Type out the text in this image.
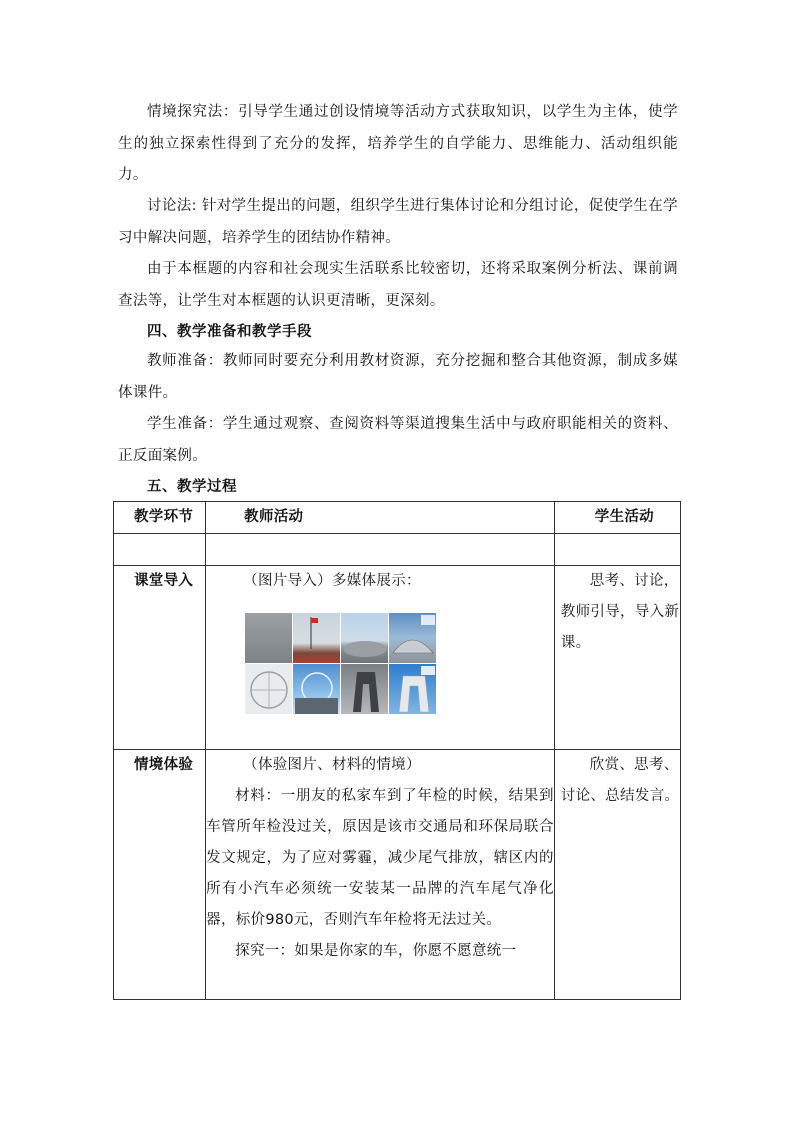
情境探究法：引导学生通过创设情境等活动方式获取知识，以学生为主体，使学生的独立探索性得到了充分的发挥，培养学生的自学能力、思维能力、活动组织能力。

讨论法: 针对学生提出的问题，组织学生进行集体讨论和分组讨论，促使学生在学习中解决问题，培养学生的团结协作精神。

由于本框题的内容和社会现实生活联系比较密切，还将采取案例分析法、课前调查法等，让学生对本框题的认识更清晰，更深刻。

四、教学准备和教学手段

教师准备：教师同时要充分利用教材资源，充分挖掘和整合其他资源，制成多媒体课件。

学生准备：学生通过观察、查阅资料等渠道搜集生活中与政府职能相关的资料、正反面案例。

五、教学过程

教学环节	教师活动	学生活动

课堂导入	（图片导入）多媒体展示：	思考、讨论，教师引导，导入新课。

情境体验	（体验图片、材料的情境）
材料：一朋友的私家车到了年检的时候，结果到车管所年检没过关，原因是该市交通局和环保局联合发文规定，为了应对雾霾，减少尾气排放，辖区内的所有小汽车必须统一安装某一品牌的汽车尾气净化器，标价980元，否则汽车年检将无法过关。
探究一：如果是你家的车，你愿不愿意统一	欣赏、思考、讨论、总结发言。
